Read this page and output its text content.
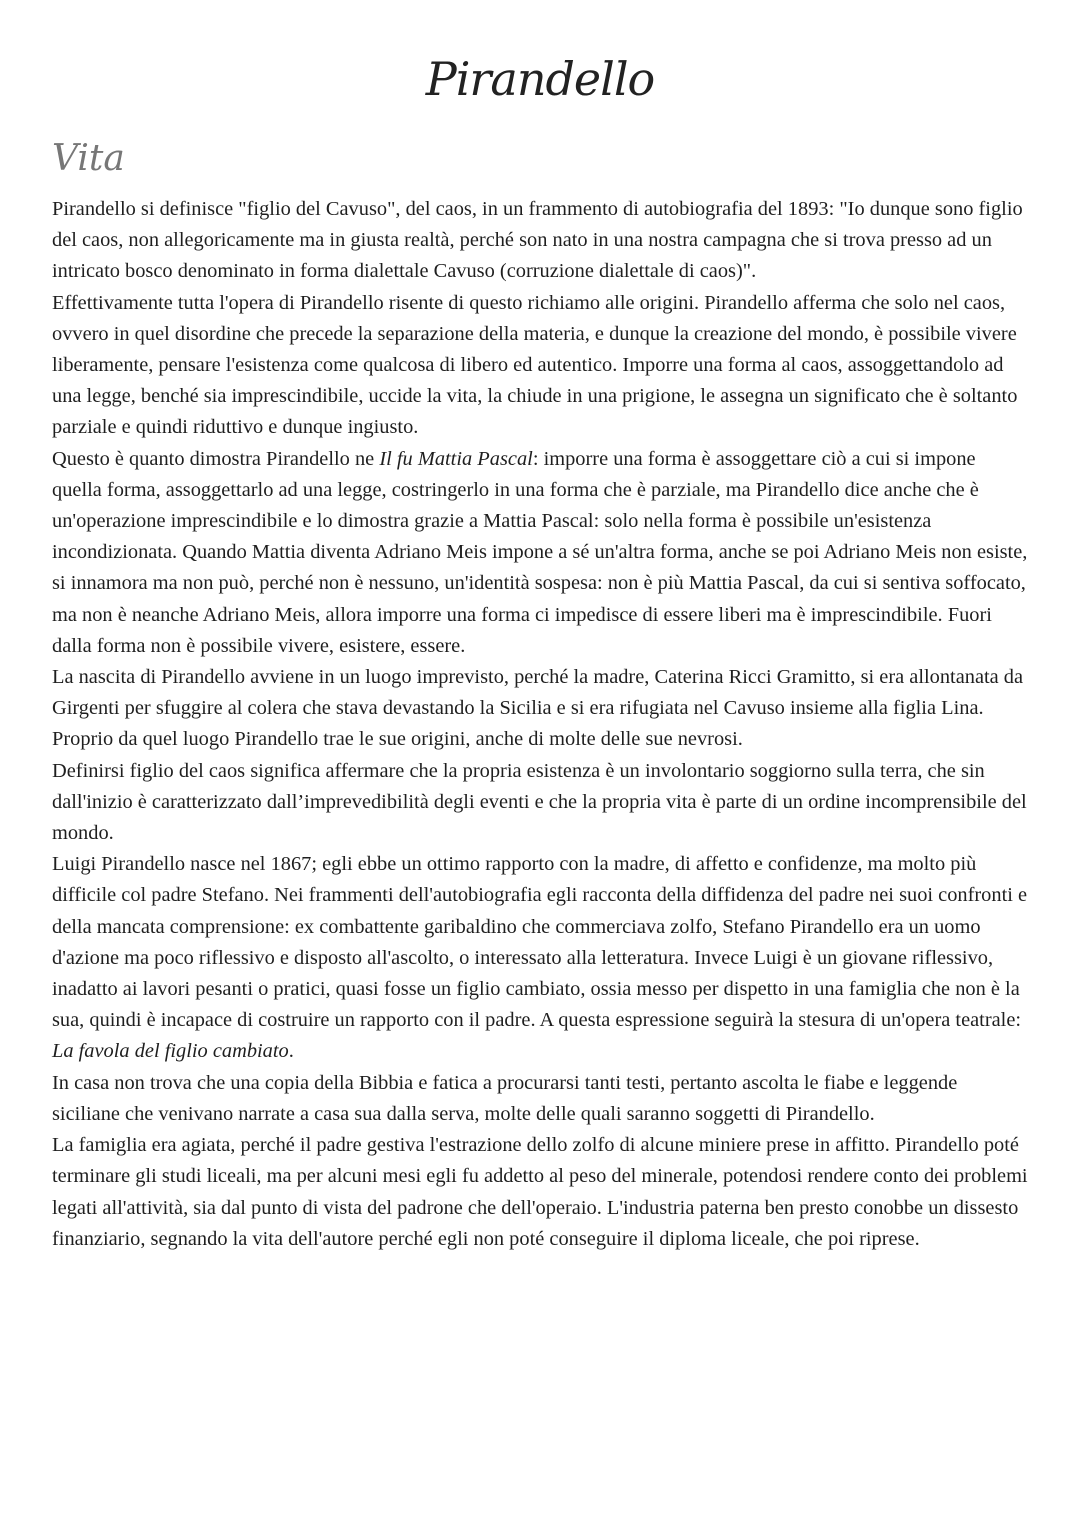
Pirandello
Vita

Pirandello si definisce "figlio del Cavuso", del caos, in un frammento di autobiografia del 1893: "Io dunque sono figlio del caos, non allegoricamente ma in giusta realtà, perché son nato in una nostra campagna che si trova presso ad un intricato bosco denominato in forma dialettale Cavuso (corruzione dialettale di caos)".

Effettivamente tutta l'opera di Pirandello risente di questo richiamo alle origini. Pirandello afferma che solo nel caos, ovvero in quel disordine che precede la separazione della materia, e dunque la creazione del mondo, è possibile vivere liberamente, pensare l'esistenza come qualcosa di libero ed autentico. Imporre una forma al caos, assoggettandolo ad una legge, benché sia imprescindibile, uccide la vita, la chiude in una prigione, le assegna un significato che è soltanto parziale e quindi riduttivo e dunque ingiusto.

Questo è quanto dimostra Pirandello ne Il fu Mattia Pascal: imporre una forma è assoggettare ciò a cui si impone quella forma, assoggettarlo ad una legge, costringerlo in una forma che è parziale, ma Pirandello dice anche che è un'operazione imprescindibile e lo dimostra grazie a Mattia Pascal: solo nella forma è possibile un'esistenza incondizionata. Quando Mattia diventa Adriano Meis impone a sé un'altra forma, anche se poi Adriano Meis non esiste, si innamora ma non può, perché non è nessuno, un'identità sospesa: non è più Mattia Pascal, da cui si sentiva soffocato, ma non è neanche Adriano Meis, allora imporre una forma ci impedisce di essere liberi ma è imprescindibile. Fuori dalla forma non è possibile vivere, esistere, essere.

La nascita di Pirandello avviene in un luogo imprevisto, perché la madre, Caterina Ricci Gramitto, si era allontanata da Girgenti per sfuggire al colera che stava devastando la Sicilia e si era rifugiata nel Cavuso insieme alla figlia Lina. Proprio da quel luogo Pirandello trae le sue origini, anche di molte delle sue nevrosi.

Definirsi figlio del caos significa affermare che la propria esistenza è un involontario soggiorno sulla terra, che sin dall'inizio è caratterizzato dall’imprevedibilità degli eventi e che la propria vita è parte di un ordine incomprensibile del mondo.

Luigi Pirandello nasce nel 1867; egli ebbe un ottimo rapporto con la madre, di affetto e confidenze, ma molto più difficile col padre Stefano. Nei frammenti dell'autobiografia egli racconta della diffidenza del padre nei suoi confronti e della mancata comprensione: ex combattente garibaldino che commerciava zolfo, Stefano Pirandello era un uomo d'azione ma poco riflessivo e disposto all'ascolto, o interessato alla letteratura. Invece Luigi è un giovane riflessivo, inadatto ai lavori pesanti o pratici, quasi fosse un figlio cambiato, ossia messo per dispetto in una famiglia che non è la sua, quindi è incapace di costruire un rapporto con il padre. A questa espressione seguirà la stesura di un'opera teatrale: La favola del figlio cambiato.

In casa non trova che una copia della Bibbia e fatica a procurarsi tanti testi, pertanto ascolta le fiabe e leggende siciliane che venivano narrate a casa sua dalla serva, molte delle quali saranno soggetti di Pirandello.

La famiglia era agiata, perché il padre gestiva l'estrazione dello zolfo di alcune miniere prese in affitto. Pirandello poté terminare gli studi liceali, ma per alcuni mesi egli fu addetto al peso del minerale, potendosi rendere conto dei problemi legati all'attività, sia dal punto di vista del padrone che dell'operaio. L'industria paterna ben presto conobbe un dissesto finanziario, segnando la vita dell'autore perché egli non poté conseguire il diploma liceale, che poi riprese.
